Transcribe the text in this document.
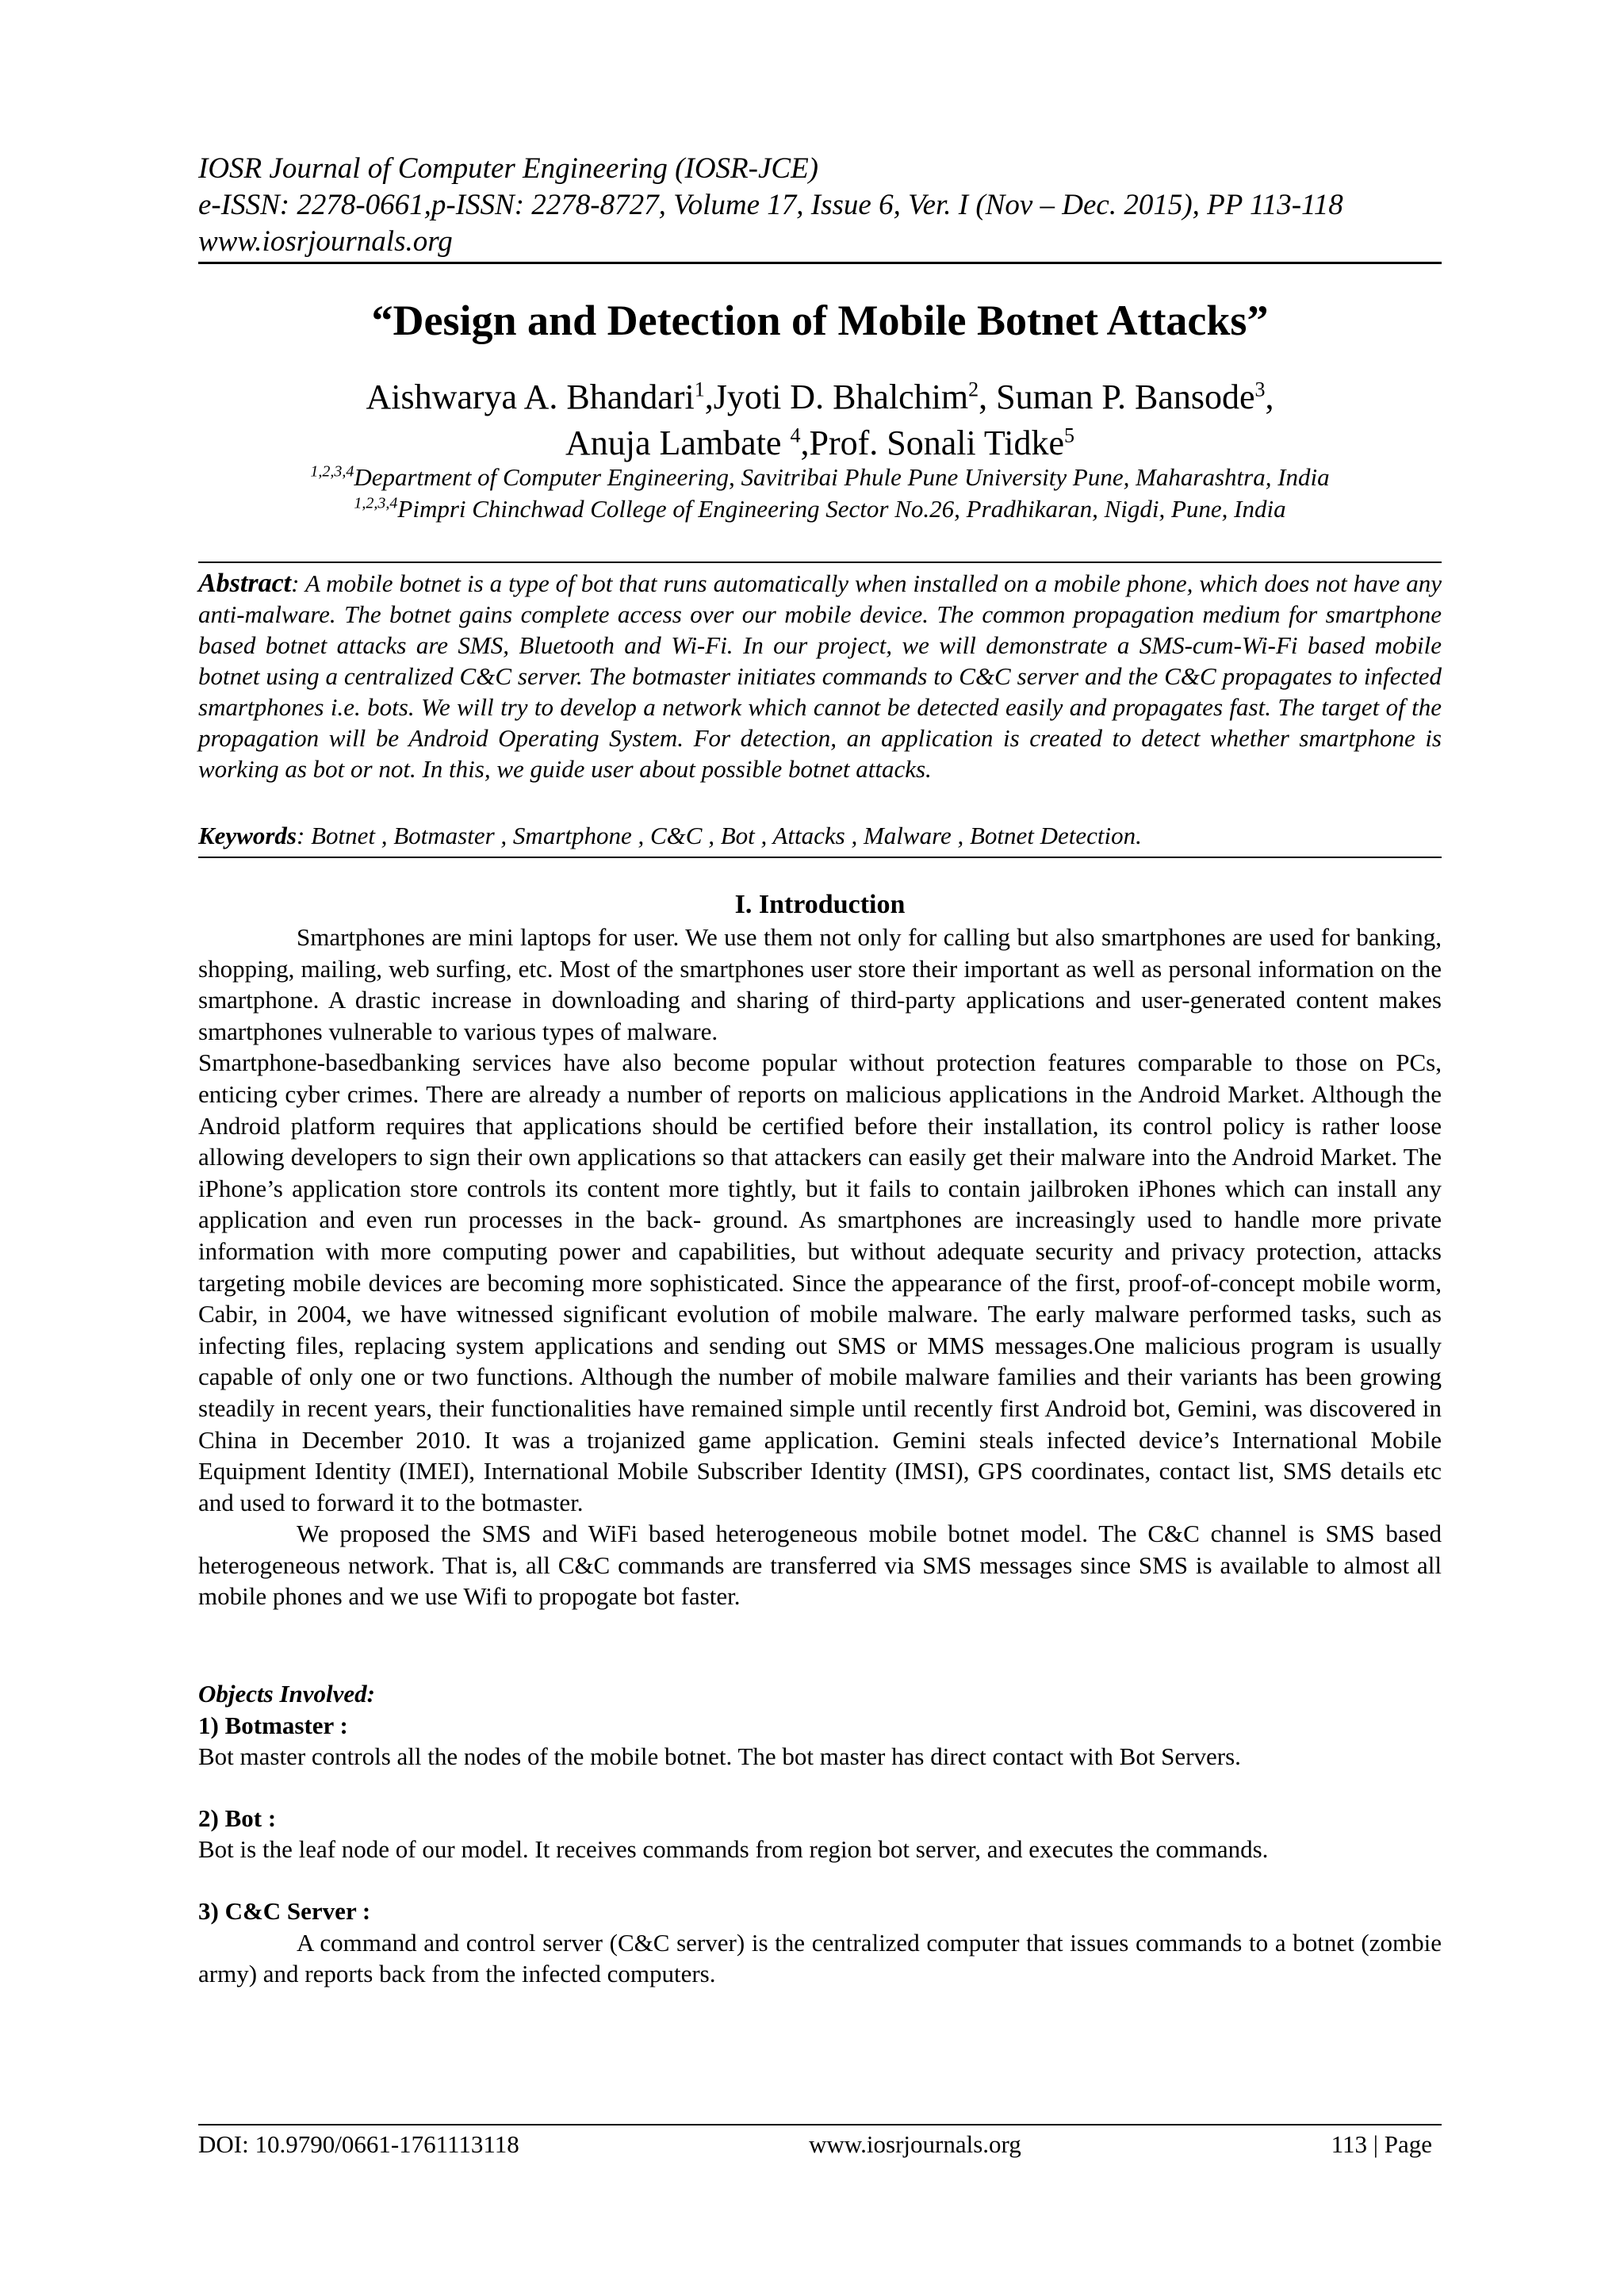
IOSR Journal of Computer Engineering (IOSR-JCE)
e-ISSN: 2278-0661,p-ISSN: 2278-8727, Volume 17, Issue 6, Ver. I (Nov – Dec. 2015), PP 113-118
www.iosrjournals.org
“Design and Detection of Mobile Botnet Attacks”
Aishwarya A. Bhandari$^1$,Jyoti D. Bhalchim$^2$, Suman P. Bansode$^3$,
Anuja Lambate $^4$,Prof. Sonali Tidke$^5$
$^{1,2,3,4}$Department of Computer Engineering, Savitribai Phule Pune University Pune, Maharashtra, India
$^{1,2,3,4}$Pimpri Chinchwad College of Engineering Sector No.26, Pradhikaran, Nigdi, Pune, India
Abstract: A mobile botnet is a type of bot that runs automatically when installed on a mobile phone, which does not have any anti-malware. The botnet gains complete access over our mobile device. The common propagation medium for smartphone based botnet attacks are SMS, Bluetooth and Wi-Fi. In our project, we will demonstrate a SMS-cum-Wi-Fi based mobile botnet using a centralized C&C server. The botmaster initiates commands to C&C server and the C&C propagates to infected smartphones i.e. bots. We will try to develop a network which cannot be detected easily and propagates fast. The target of the propagation will be Android Operating System. For detection, an application is created to detect whether smartphone is working as bot or not. In this, we guide user about possible botnet attacks.
Keywords: Botnet , Botmaster , Smartphone , C&C , Bot , Attacks , Malware , Botnet Detection.
I. Introduction

Smartphones are mini laptops for user. We use them not only for calling but also smartphones are used for banking, shopping, mailing, web surfing, etc. Most of the smartphones user store their important as well as personal information on the smartphone. A drastic increase in downloading and sharing of third-party applications and user-generated content makes smartphones vulnerable to various types of malware.

Smartphone-basedbanking services have also become popular without protection features comparable to those on PCs, enticing cyber crimes. There are already a number of reports on malicious applications in the Android Market. Although the Android platform requires that applications should be certified before their installation, its control policy is rather loose allowing developers to sign their own applications so that attackers can easily get their malware into the Android Market. The iPhone’s application store controls its content more tightly, but it fails to contain jailbroken iPhones which can install any application and even run processes in the back- ground. As smartphones are increasingly used to handle more private information with more computing power and capabilities, but without adequate security and privacy protection, attacks targeting mobile devices are becoming more sophisticated. Since the appearance of the first, proof-of-concept mobile worm, Cabir, in 2004, we have witnessed significant evolution of mobile malware. The early malware performed tasks, such as infecting files, replacing system applications and sending out SMS or MMS messages.One malicious program is usually capable of only one or two functions. Although the number of mobile malware families and their variants has been growing steadily in recent years, their functionalities have remained simple until recently first Android bot, Gemini, was discovered in China in December 2010. It was a trojanized game application. Gemini steals infected device’s International Mobile Equipment Identity (IMEI), International Mobile Subscriber Identity (IMSI), GPS coordinates, contact list, SMS details etc and used to forward it to the botmaster.

We proposed the SMS and WiFi based heterogeneous mobile botnet model. The C&C channel is SMS based heterogeneous network. That is, all C&C commands are transferred via SMS messages since SMS is available to almost all mobile phones and we use Wifi to propogate bot faster.

Objects Involved:

1) Botmaster :

Bot master controls all the nodes of the mobile botnet. The bot master has direct contact with Bot Servers.

2) Bot :

Bot is the leaf node of our model. It receives commands from region bot server, and executes the commands.

3) C&C Server :

A command and control server (C&C server) is the centralized computer that issues commands to a botnet (zombie army) and reports back from the infected computers.

DOI: 10.9790/0661-1761113118	www.iosrjournals.org	113 | Page
